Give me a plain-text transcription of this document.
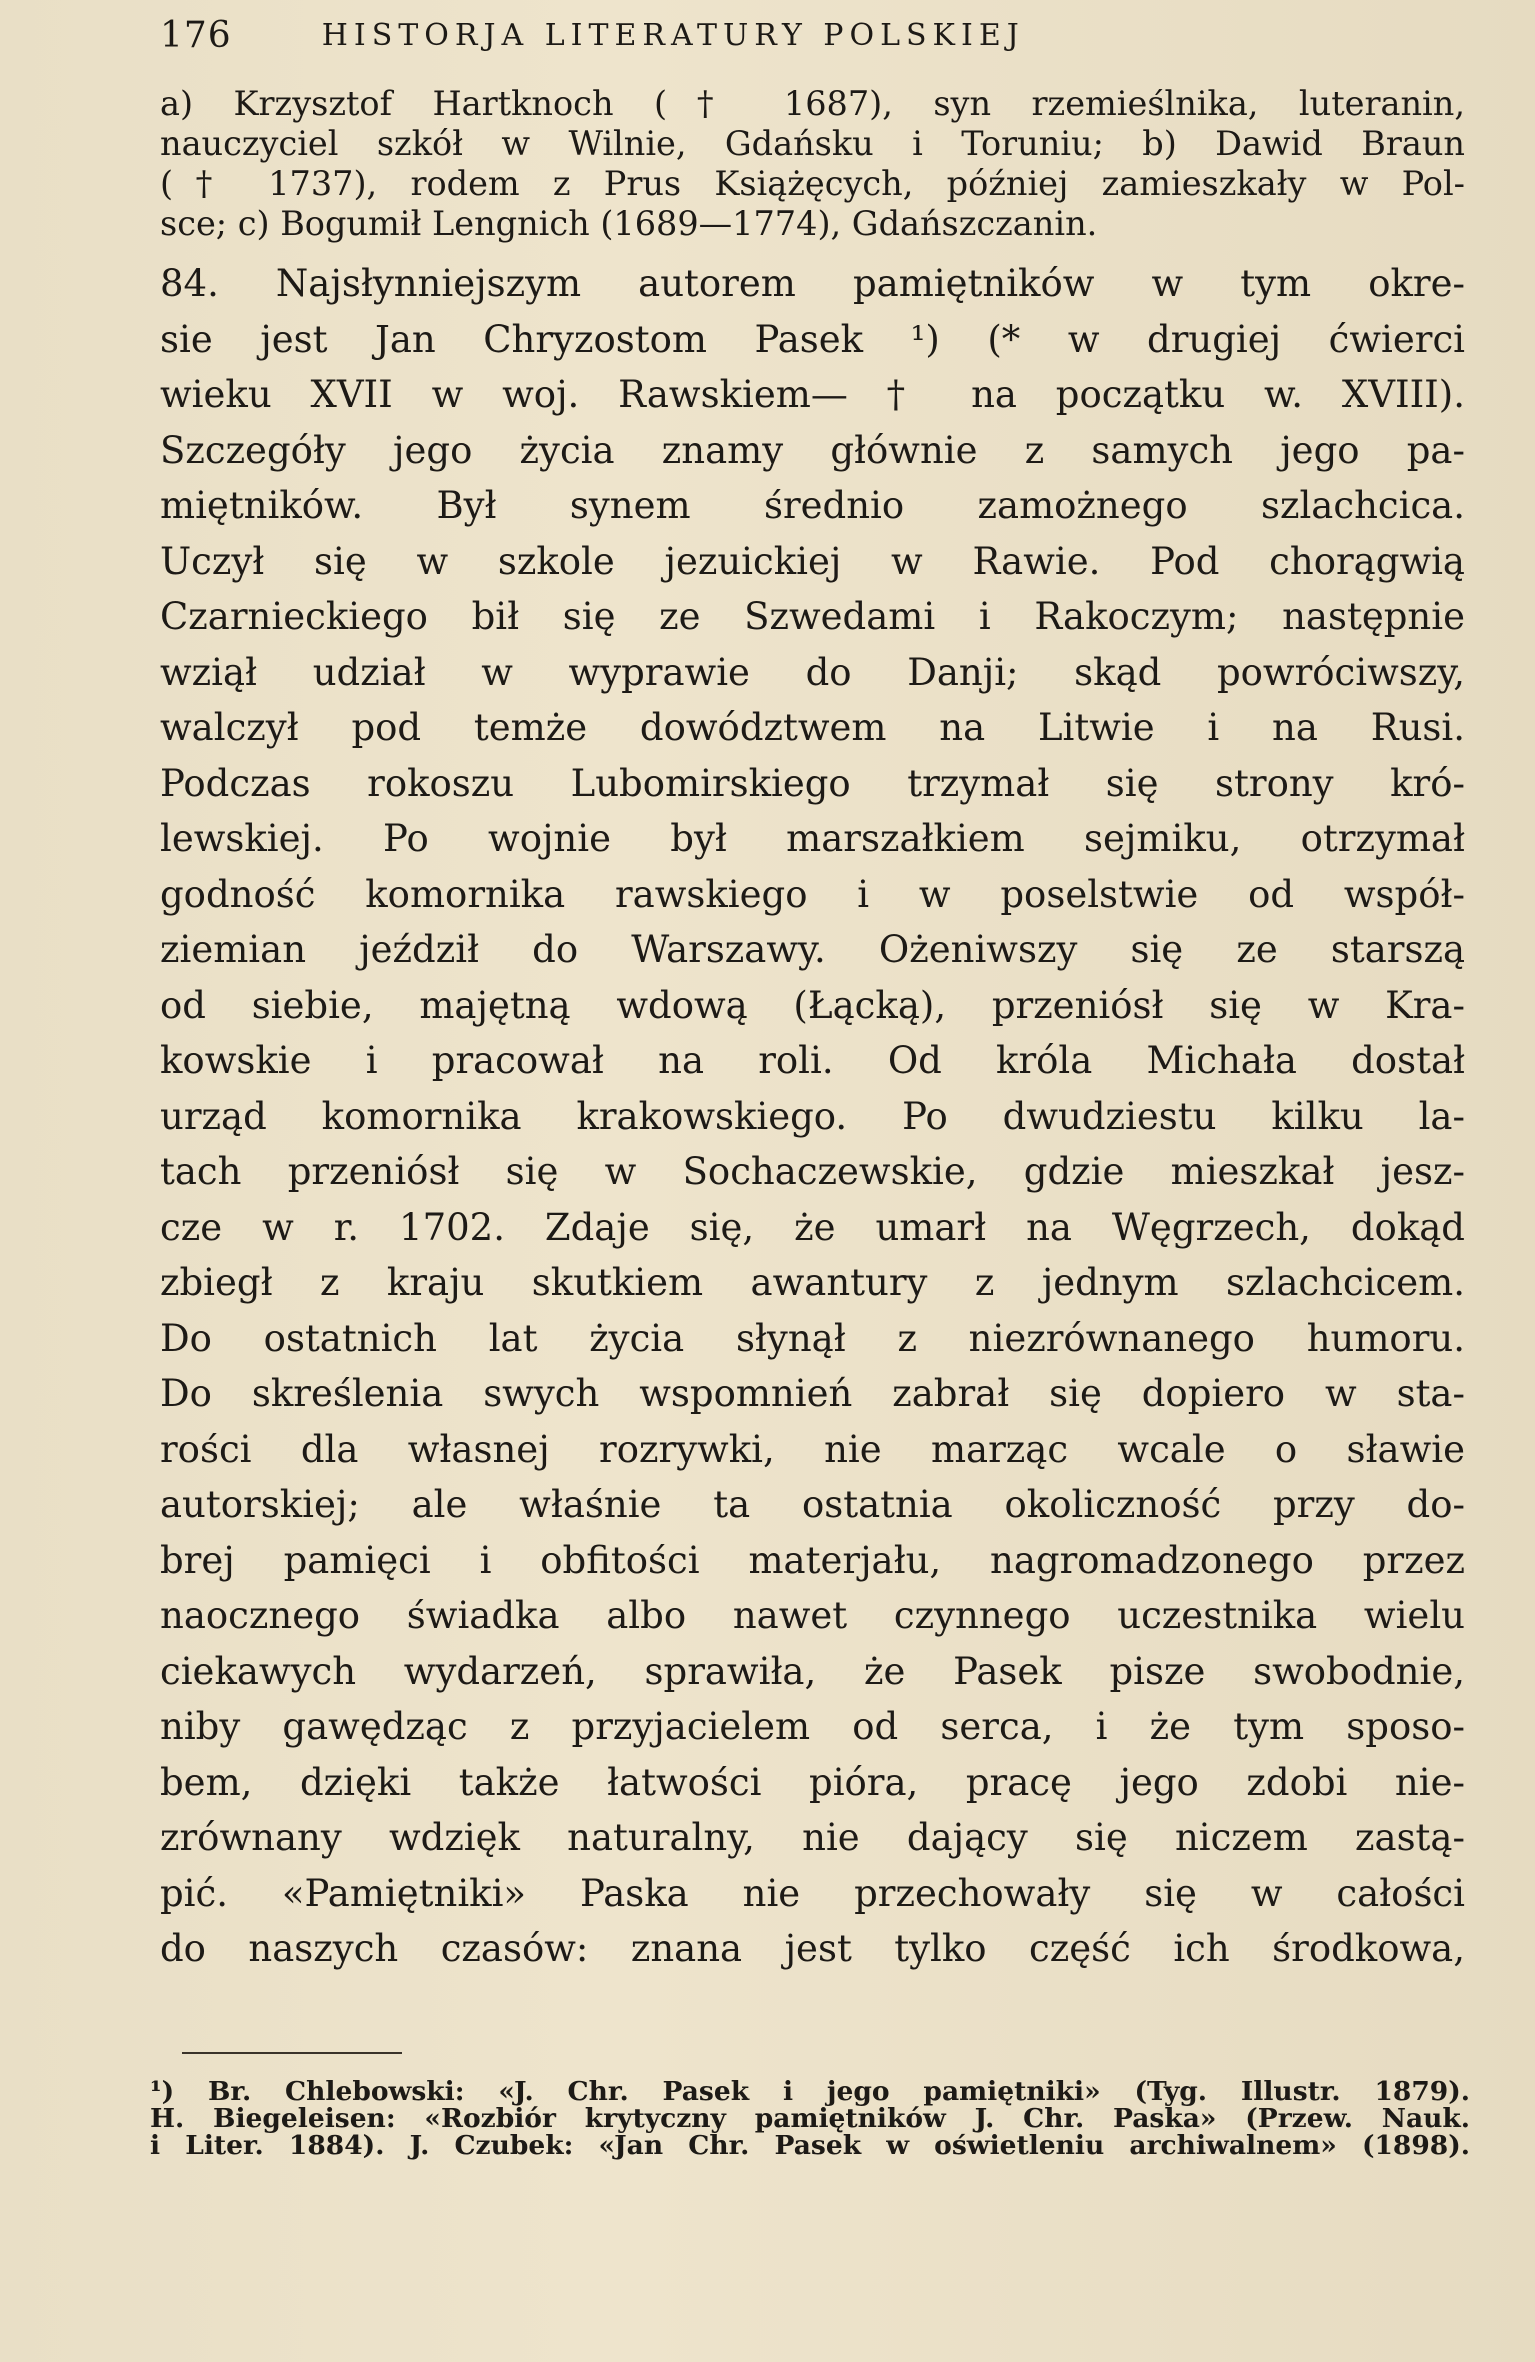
176	HISTORJA LITERATURY POLSKIEJ
a) Krzysztof Hartknoch († 1687), syn rzemieślnika, luteranin,
nauczyciel szkół w Wilnie, Gdańsku i Toruniu; b) Dawid Braun
(† 1737), rodem z Prus Książęcych, później zamieszkały w Pol-
sce; c) Bogumił Lengnich (1689—1774), Gdańszczanin.
84. Najsłynniejszym autorem pamiętników w tym okre-
sie jest Jan Chryzostom Pasek ¹) (* w drugiej ćwierci
wieku XVII w woj. Rawskiem— † na początku w. XVIII).
Szczegóły jego życia znamy głównie z samych jego pa-
miętników. Był synem średnio zamożnego szlachcica.
Uczył się w szkole jezuickiej w Rawie. Pod chorągwią
Czarnieckiego bił się ze Szwedami i Rakoczym; następnie
wziął udział w wyprawie do Danji; skąd powróciwszy,
walczył pod temże dowództwem na Litwie i na Rusi.
Podczas rokoszu Lubomirskiego trzymał się strony kró-
lewskiej. Po wojnie był marszałkiem sejmiku, otrzymał
godność komornika rawskiego i w poselstwie od współ-
ziemian jeździł do Warszawy. Ożeniwszy się ze starszą
od siebie, majętną wdową (Łącką), przeniósł się w Kra-
kowskie i pracował na roli. Od króla Michała dostał
urząd komornika krakowskiego. Po dwudziestu kilku la-
tach przeniósł się w Sochaczewskie, gdzie mieszkał jesz-
cze w r. 1702. Zdaje się, że umarł na Węgrzech, dokąd
zbiegł z kraju skutkiem awantury z jednym szlachcicem.
Do ostatnich lat życia słynął z niezrównanego humoru.
Do skreślenia swych wspomnień zabrał się dopiero w sta-
rości dla własnej rozrywki, nie marząc wcale o sławie
autorskiej; ale właśnie ta ostatnia okoliczność przy do-
brej pamięci i obfitości materjału, nagromadzonego przez
naocznego świadka albo nawet czynnego uczestnika wielu
ciekawych wydarzeń, sprawiła, że Pasek pisze swobodnie,
niby gawędząc z przyjacielem od serca, i że tym sposo-
bem, dzięki także łatwości pióra, pracę jego zdobi nie-
zrównany wdzięk naturalny, nie dający się niczem zastą-
pić. «Pamiętniki» Paska nie przechowały się w całości
do naszych czasów: znana jest tylko część ich środkowa,
¹) Br. Chlebowski: «J. Chr. Pasek i jego pamiętniki» (Tyg. Illustr. 1879).
H. Biegeleisen: «Rozbiór krytyczny pamiętników J. Chr. Paska» (Przew. Nauk.
i Liter. 1884). J. Czubek: «Jan Chr. Pasek w oświetleniu archiwalnem» (1898).
